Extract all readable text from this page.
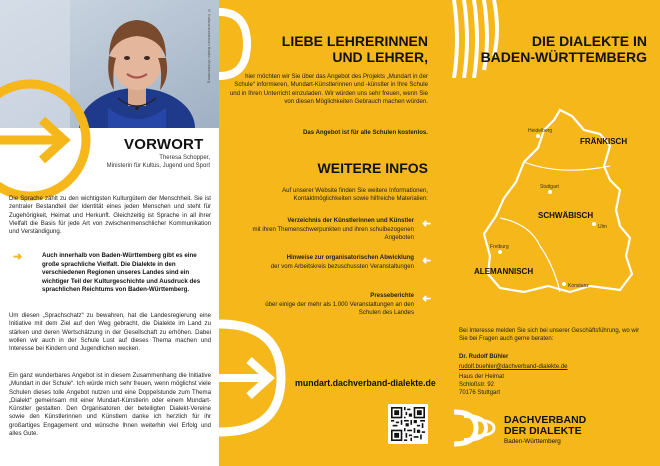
© Kultusministerium Baden-Württemberg
VORWORT
Theresa Schopper,
Ministerin für Kultus, Jugend und Sport
Die Sprache zählt zu den wichtigsten Kulturgütern der Menschheit. Sie ist zentraler Bestandteil der Identität eines jeden Menschen und steht für Zugehörigkeit, Heimat und Herkunft. Gleichzeitig ist Sprache in all ihrer Vielfalt die Basis für jede Art von zwischenmenschlicher Kommunikation und Verständigung.
➜	Auch innerhalb von Baden-Württemberg gibt es eine große sprachliche Vielfalt. Die Dialekte in den verschiedenen Regionen unseres Landes sind ein wichtiger Teil der Kulturgeschichte und Ausdruck des sprachlichen Reichtums von Baden-Württemberg.
Um diesen „Sprachschatz“ zu bewahren, hat die Landesregierung eine Initiative mit dem Ziel auf den Weg gebracht, die Dialekte im Land zu stärken und deren Wertschätzung in der Gesellschaft zu erhöhen. Dabei wollen wir auch in der Schule Lust auf dieses Thema machen und Interesse bei Kindern und Jugendlichen wecken.
Ein ganz wunderbares Angebot ist in diesem Zusammenhang die Initiative „Mundart in der Schule“. Ich würde mich sehr freuen, wenn möglichst viele Schulen dieses tolle Angebot nutzen und eine Doppelstunde zum Thema „Dialekt“ gemeinsam mit einer Mundart-Künstlerin oder einem Mundart-Künstler gestalten. Den Organisatoren der beteiligten Dialekt-Vereine sowie den Künstlerinnen und Künstlern danke ich herzlich für ihr großartiges Engagement und wünsche Ihnen weiterhin viel Erfolg und alles Gute.
LIEBE LEHRERINNEN
UND LEHRER,
hier möchten wir Sie über das Angebot des Projekts „Mundart in der Schule“ informieren, Mundart-Künstlerinnen und -künstler in Ihre Schule und in Ihren Unterricht einzuladen. Wir würden uns sehr freuen, wenn Sie von diesen Möglichkeiten Gebrauch machen würden.
Das Angebot ist für alle Schulen kostenlos.
WEITERE INFOS
Auf unserer Website finden Sie weitere Informationen, Kontaktmöglichkeiten sowie hilfreiche Materialien:
Verzeichnis der Künstlerinnen und Künstler
mit ihren Themenschwerpunkten und ihren schulbezogenen Angeboten
➜
Hinweise zur organisatorischen Abwicklung
der vom Arbeitskreis bezuschussten Veranstaltungen ➜
Presseberichte
über einige der mehr als 1.000 Veranstaltungen an den Schulen des Landes
➜
mundart.dachverband-dialekte.de
DIE DIALEKTE IN
BADEN-WÜRTTEMBERG
Heidelberg
Stuttgart
Ulm
Freiburg
Konstanz
FRÄNKISCH
SCHWÄBISCH
ALEMANNISCH
Bei Interesse melden Sie sich bei unserer Geschäftsführung, wo wir Sie bei Fragen auch gerne beraten:
Dr. Rudolf Bühler
rudolf.buehler@dachverband-dialekte.de
Haus der Heimat
Schloßstr. 92
70176 Stuttgart
DACHVERBAND
DER DIALEKTE
Baden-Württemberg
